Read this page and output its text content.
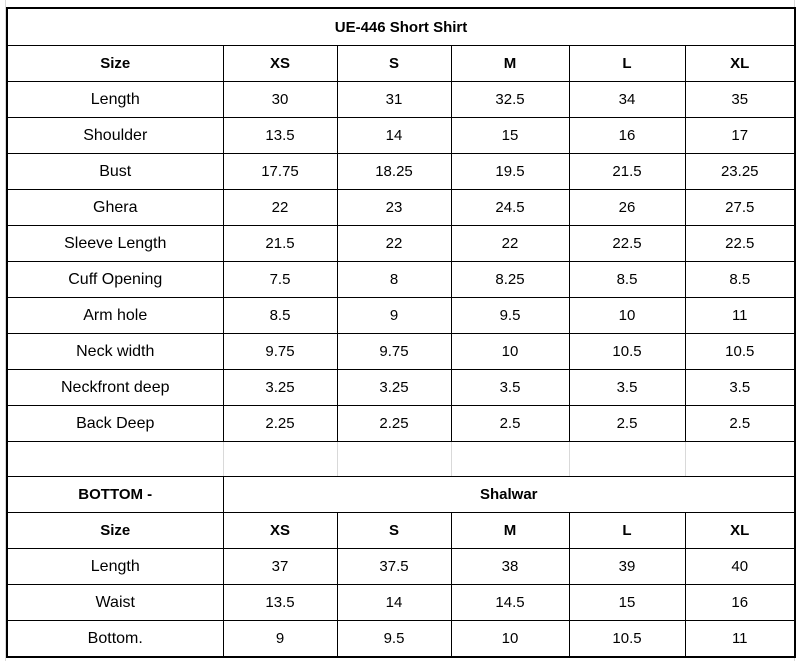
UE-446 Short Shirt					
Size	XS	S	M	L	XL
Length	30	31	32.5	34	35
Shoulder	13.5	14	15	16	17
Bust	17.75	18.25	19.5	21.5	23.25
Ghera	22	23	24.5	26	27.5
Sleeve Length	21.5	22	22	22.5	22.5
Cuff Opening	7.5	8	8.25	8.5	8.5
Arm hole	8.5	9	9.5	10	11
Neck width	9.75	9.75	10	10.5	10.5
Neckfront deep	3.25	3.25	3.5	3.5	3.5
Back Deep	2.25	2.25	2.5	2.5	2.5

BOTTOM -	Shalwar				
Size	XS	S	M	L	XL
Length	37	37.5	38	39	40
Waist	13.5	14	14.5	15	16
Bottom.	9	9.5	10	10.5	11
